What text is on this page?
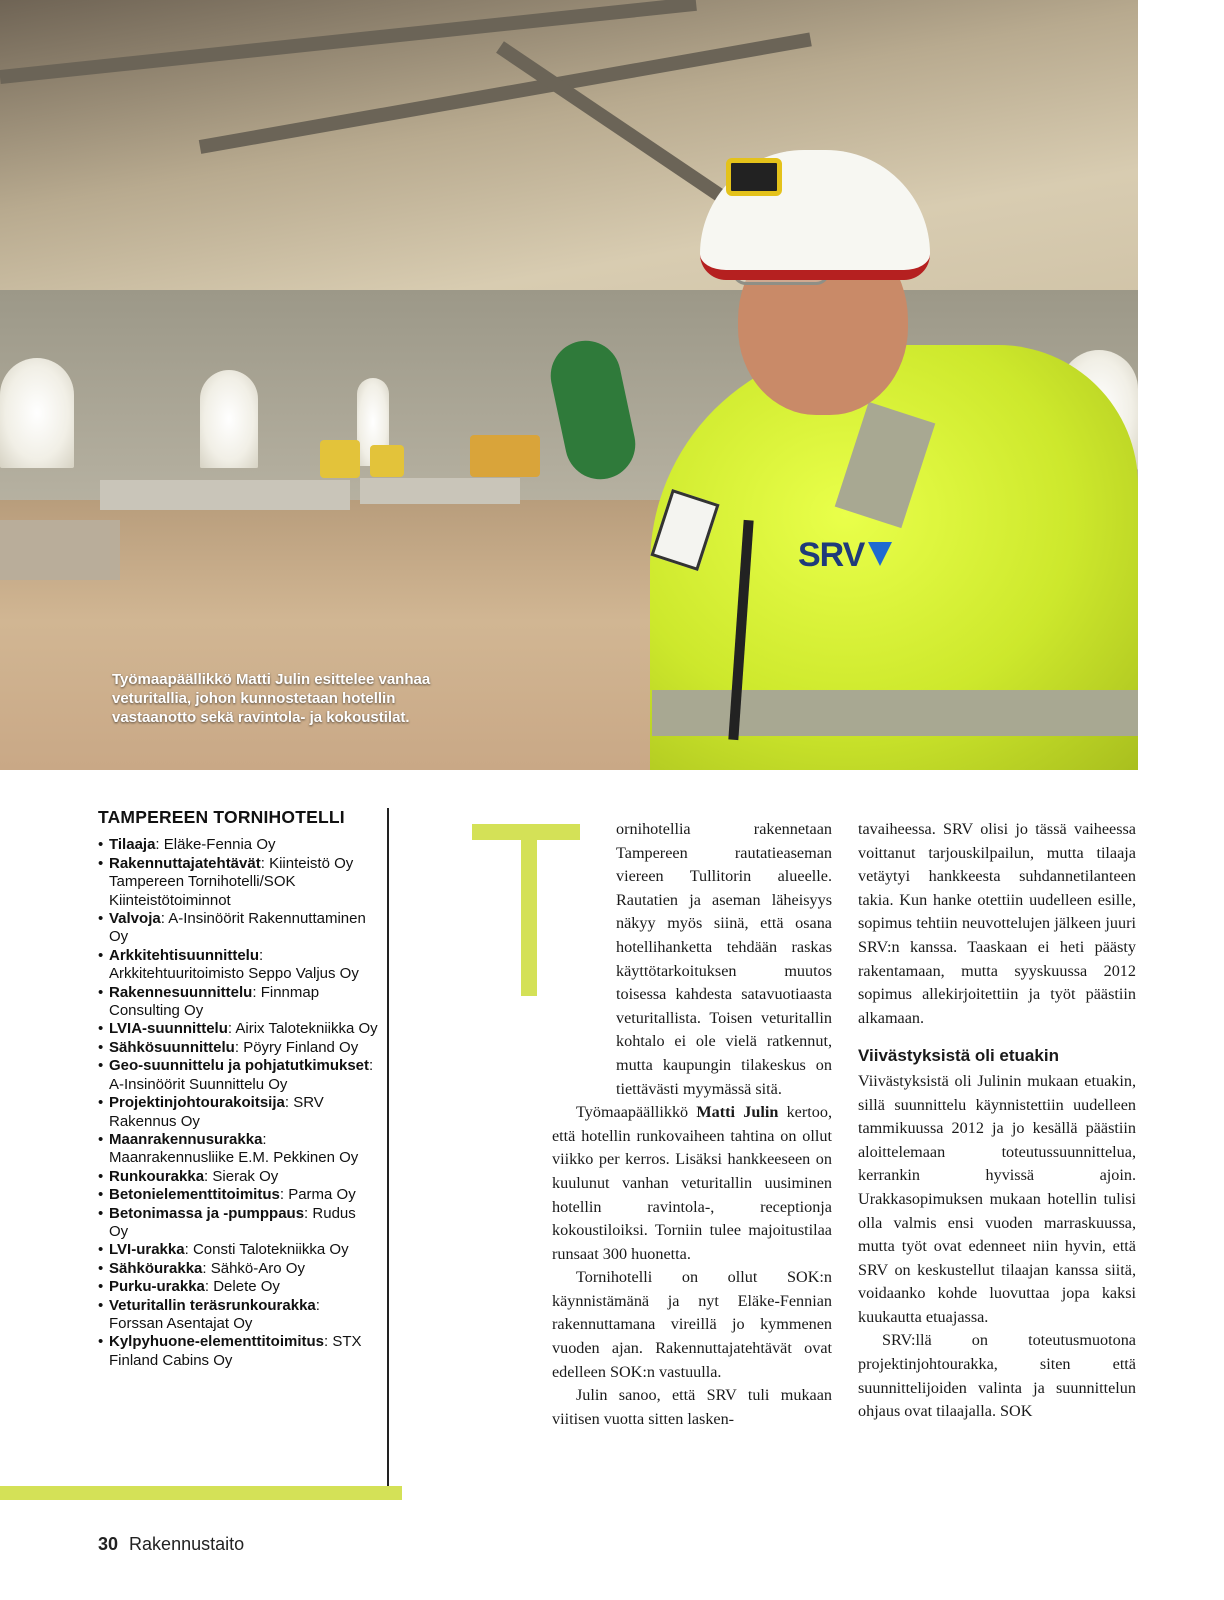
SRV
Työmaapäällikkö Matti Julin esittelee vanhaa veturitallia, johon kunnostetaan hotellin vastaanotto sekä ravintola- ja kokoustilat.
TAMPEREEN TORNIHOTELLI
• Tilaaja: Eläke-Fennia Oy
• Rakennuttajatehtävät: Kiinteistö Oy Tampereen Tornihotelli/SOK Kiinteistötoiminnot
• Valvoja: A-Insinöörit Rakennuttaminen Oy
• Arkkitehtisuunnittelu: Arkkitehtuuritoimisto Seppo Valjus Oy
• Rakennesuunnittelu: Finnmap Consulting Oy
• LVIA-suunnittelu: Airix Talotekniikka Oy
• Sähkösuunnittelu: Pöyry Finland Oy
• Geo-suunnittelu ja pohjatutkimukset: A-Insinöörit Suunnittelu Oy
• Projektinjohtourakoitsija: SRV Rakennus Oy
• Maanrakennusurakka: Maanrakennusliike E.M. Pekkinen Oy
• Runkourakka: Sierak Oy
• Betonielementtitoimitus: Parma Oy
• Betonimassa ja -pumppaus: Rudus Oy
• LVI-urakka: Consti Talotekniikka Oy
• Sähköurakka: Sähkö-Aro Oy
• Purku-urakka: Delete Oy
• Veturitallin teräsrunkourakka: Forssan Asentajat Oy
• Kylpyhuone-elementtitoimitus: STX Finland Cabins Oy

ornihotellia rakennetaan Tampereen rautatieaseman viereen Tullitorin alueelle. Rautatien ja aseman läheisyys näkyy myös siinä, että osana hotellihanketta tehdään raskas käyttötarkoituksen muutos toisessa kahdesta satavuotiaasta veturitallista. Toisen veturitallin kohtalo ei ole vielä ratkennut, mutta kaupungin tilakeskus on tiettävästi myymässä sitä.

Työmaapäällikkö Matti Julin kertoo, että hotellin runkovaiheen tahtina on ollut viikko per kerros. Lisäksi hankkeeseen on kuulunut vanhan veturitallin uusiminen hotellin ravintola-, receptionja kokoustiloiksi. Torniin tulee majoitustilaa runsaat 300 huonetta.

Tornihotelli on ollut SOK:n käynnistämänä ja nyt Eläke-Fennian rakennuttamana vireillä jo kymmenen vuoden ajan. Rakennuttajatehtävät ovat edelleen SOK:n vastuulla.

Julin sanoo, että SRV tuli mukaan viitisen vuotta sitten lasken-

tavaiheessa. SRV olisi jo tässä vaiheessa voittanut tarjouskilpailun, mutta tilaaja vetäytyi hankkeesta suhdannetilanteen takia. Kun hanke otettiin uudelleen esille, sopimus tehtiin neuvottelujen jälkeen juuri SRV:n kanssa. Taaskaan ei heti päästy rakentamaan, mutta syyskuussa 2012 sopimus allekirjoitettiin ja työt päästiin alkamaan.

Viivästyksistä oli etuakin

Viivästyksistä oli Julinin mukaan etuakin, sillä suunnittelu käynnistettiin uudelleen tammikuussa 2012 ja jo kesällä päästiin aloittelemaan toteutussuunnittelua, kerrankin hyvissä ajoin. Urakkasopimuksen mukaan hotellin tulisi olla valmis ensi vuoden marraskuussa, mutta työt ovat edenneet niin hyvin, että SRV on keskustellut tilaajan kanssa siitä, voidaanko kohde luovuttaa jopa kaksi kuukautta etuajassa.

SRV:llä on toteutusmuotona projektinjohtourakka, siten että suunnittelijoiden valinta ja suunnittelun ohjaus ovat tilaajalla. SOK

30 Rakennustaito
